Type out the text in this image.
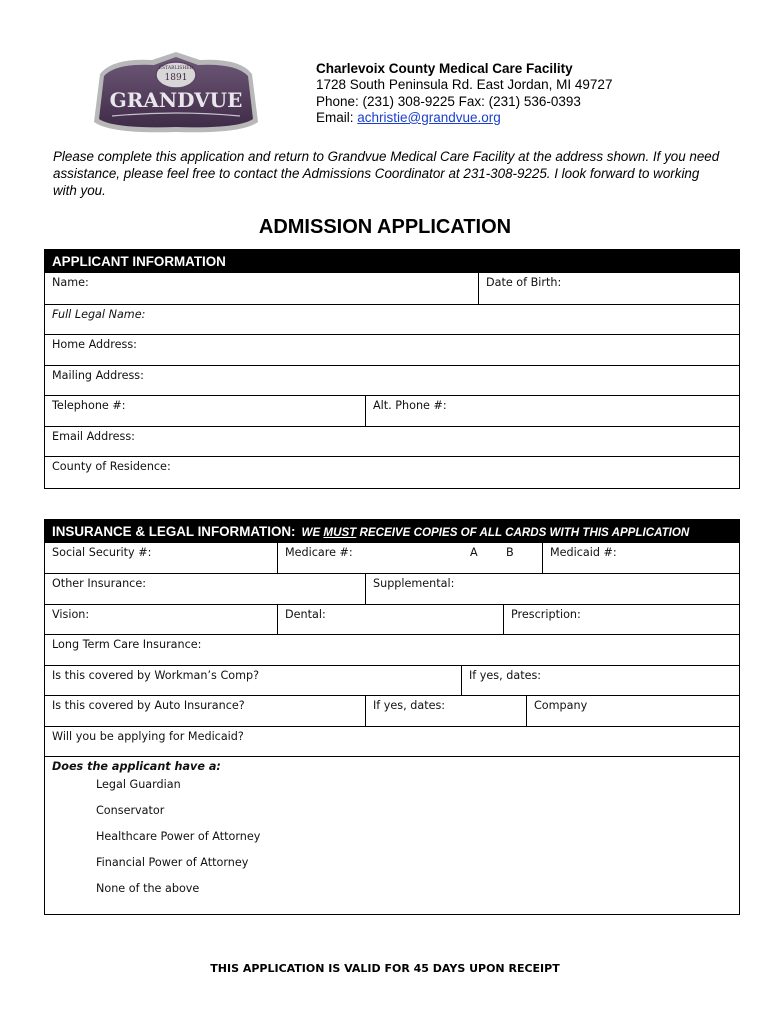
ESTABLISHED
1891
GRANDVUE
Charlevoix County Medical Care Facility
1728 South Peninsula Rd. East Jordan, MI 49727
Phone: (231) 308-9225 Fax: (231) 536-0393
Email: achristie@grandvue.org
Please complete this application and return to Grandvue Medical Care Facility at the address shown. If you need assistance, please feel free to contact the Admissions Coordinator at 231-308-9225. I look forward to working with you.
ADMISSION APPLICATION
APPLICANT INFORMATION
Name:	Date of Birth:
Full Legal Name:
Home Address:
Mailing Address:
Telephone #:	Alt. Phone #:
Email Address:
County of Residence:
INSURANCE & LEGAL INFORMATION: WE MUST RECEIVE COPIES OF ALL CARDS WITH THIS APPLICATION
Social Security #:	Medicare #:	A	B	Medicaid #:
Other Insurance:	Supplemental:
Vision:	Dental:	Prescription:
Long Term Care Insurance:
Is this covered by Workman’s Comp?	If yes, dates:
Is this covered by Auto Insurance?	If yes, dates:	Company
Will you be applying for Medicaid?
Does the applicant have a:
Legal Guardian
Conservator
Healthcare Power of Attorney
Financial Power of Attorney
None of the above
THIS APPLICATION IS VALID FOR 45 DAYS UPON RECEIPT
